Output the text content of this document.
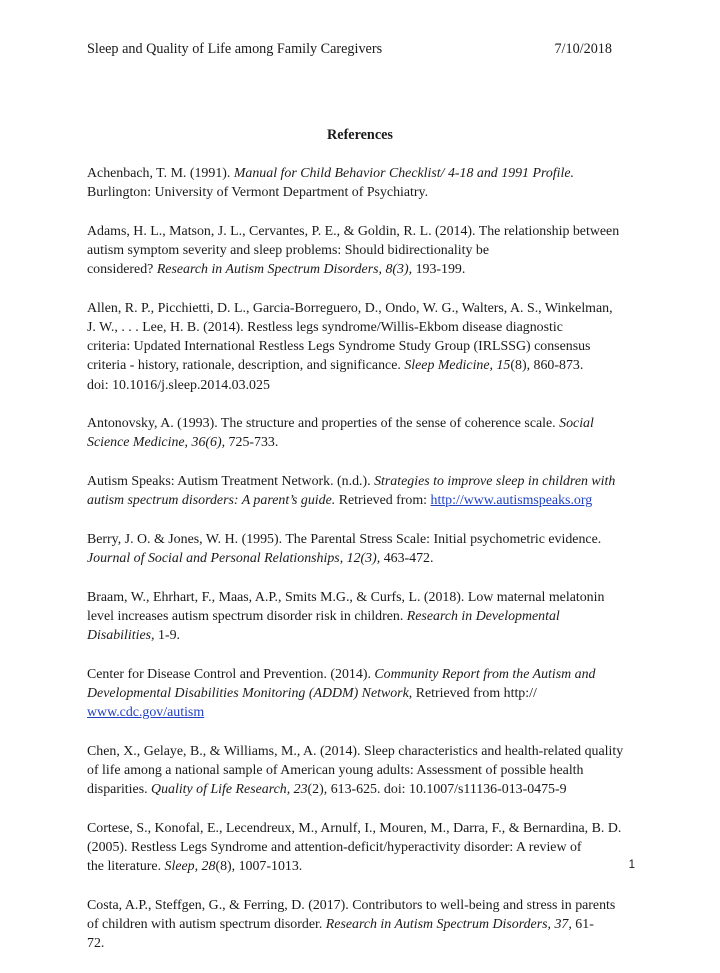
Sleep and Quality of Life among Family Caregivers	7/10/2018
References
Achenbach, T. M. (1991). Manual for Child Behavior Checklist/ 4-18 and 1991 Profile.
Burlington: University of Vermont Department of Psychiatry.
Adams, H. L., Matson, J. L., Cervantes, P. E., & Goldin, R. L. (2014). The relationship between
autism symptom severity and sleep problems: Should bidirectionality be
considered? Research in Autism Spectrum Disorders, 8(3), 193-199.
Allen, R. P., Picchietti, D. L., Garcia-Borreguero, D., Ondo, W. G., Walters, A. S., Winkelman,
J. W., . . . Lee, H. B. (2014). Restless legs syndrome/Willis-Ekbom disease diagnostic
criteria: Updated International Restless Legs Syndrome Study Group (IRLSSG) consensus
criteria - history, rationale, description, and significance. Sleep Medicine, 15(8), 860-873.
doi: 10.1016/j.sleep.2014.03.025
Antonovsky, A. (1993). The structure and properties of the sense of coherence scale. Social
Science Medicine, 36(6), 725-733.
Autism Speaks: Autism Treatment Network. (n.d.). Strategies to improve sleep in children with
autism spectrum disorders: A parent’s guide. Retrieved from: http://www.autismspeaks.org
Berry, J. O. & Jones, W. H. (1995). The Parental Stress Scale: Initial psychometric evidence.
Journal of Social and Personal Relationships, 12(3), 463-472.
Braam, W., Ehrhart, F., Maas, A.P., Smits M.G., & Curfs, L. (2018). Low maternal melatonin
level increases autism spectrum disorder risk in children. Research in Developmental
Disabilities, 1-9.
Center for Disease Control and Prevention. (2014). Community Report from the Autism and
Developmental Disabilities Monitoring (ADDM) Network, Retrieved from http://
www.cdc.gov/autism
Chen, X., Gelaye, B., & Williams, M., A. (2014). Sleep characteristics and health-related quality
of life among a national sample of American young adults: Assessment of possible health
disparities. Quality of Life Research, 23(2), 613-625. doi: 10.1007/s11136-013-0475-9
Cortese, S., Konofal, E., Lecendreux, M., Arnulf, I., Mouren, M., Darra, F., & Bernardina, B. D.
(2005). Restless Legs Syndrome and attention-deficit/hyperactivity disorder: A review of
the literature. Sleep, 28(8), 1007-1013.
Costa, A.P., Steffgen, G., & Ferring, D. (2017). Contributors to well-being and stress in parents
of children with autism spectrum disorder. Research in Autism Spectrum Disorders, 37, 61-
72.
1
